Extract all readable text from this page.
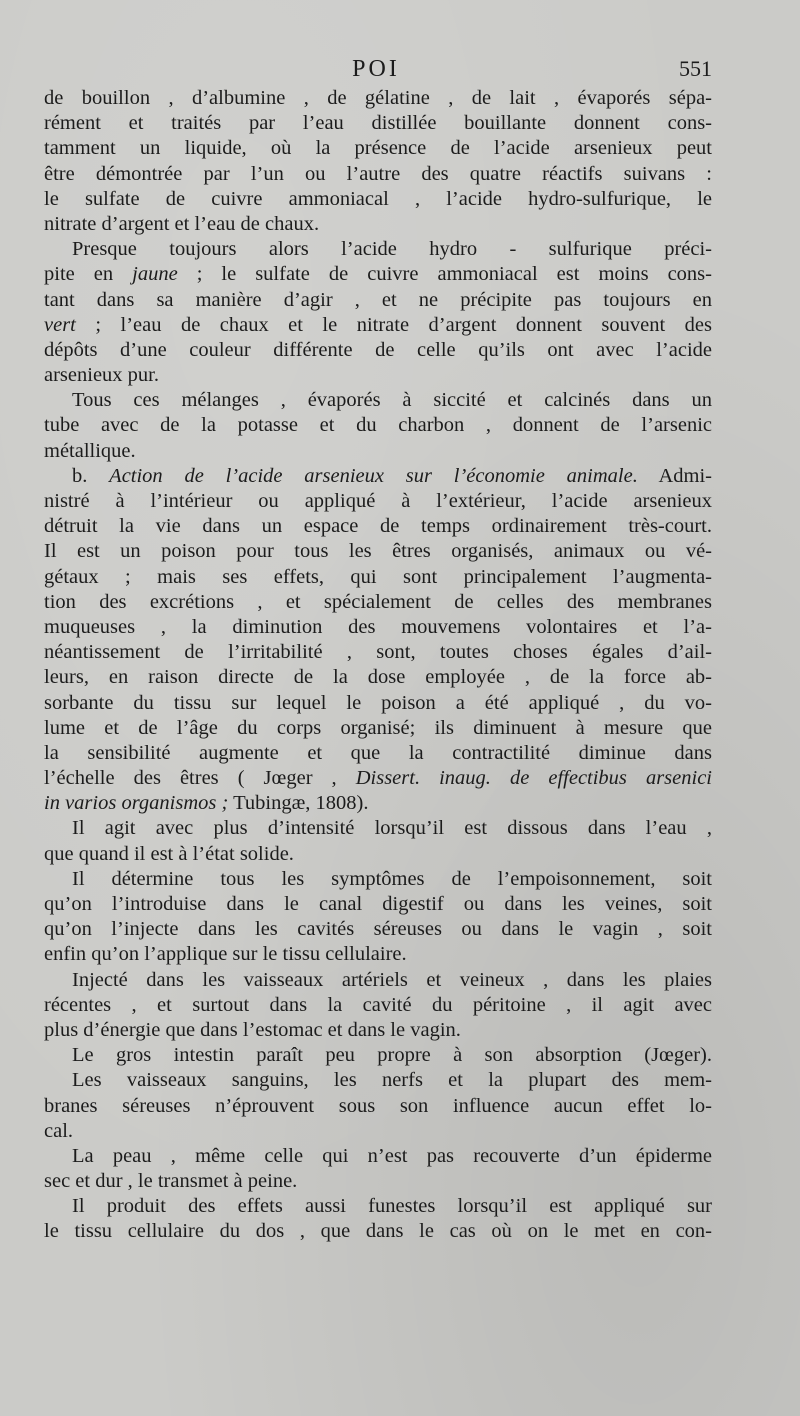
POI	551
de bouillon , d’albumine , de gélatine , de lait , évaporés sépa-
rément et traités par l’eau distillée bouillante donnent cons-
tamment un liquide, où la présence de l’acide arsenieux peut
être démontrée par l’un ou l’autre des quatre réactifs suivans :
le sulfate de cuivre ammoniacal , l’acide hydro-sulfurique, le
nitrate d’argent et l’eau de chaux.
Presque toujours alors l’acide hydro - sulfurique préci-
pite en jaune ; le sulfate de cuivre ammoniacal est moins cons-
tant dans sa manière d’agir , et ne précipite pas toujours en
vert ; l’eau de chaux et le nitrate d’argent donnent souvent des
dépôts d’une couleur différente de celle qu’ils ont avec l’acide
arsenieux pur.
Tous ces mélanges , évaporés à siccité et calcinés dans un
tube avec de la potasse et du charbon , donnent de l’arsenic
métallique.
b. Action de l’acide arsenieux sur l’économie animale. Admi-
nistré à l’intérieur ou appliqué à l’extérieur, l’acide arsenieux
détruit la vie dans un espace de temps ordinairement très-court.
Il est un poison pour tous les êtres organisés, animaux ou vé-
gétaux ; mais ses effets, qui sont principalement l’augmenta-
tion des excrétions , et spécialement de celles des membranes
muqueuses , la diminution des mouvemens volontaires et l’a-
néantissement de l’irritabilité , sont, toutes choses égales d’ail-
leurs, en raison directe de la dose employée , de la force ab-
sorbante du tissu sur lequel le poison a été appliqué , du vo-
lume et de l’âge du corps organisé; ils diminuent à mesure que
la sensibilité augmente et que la contractilité diminue dans
l’échelle des êtres ( Jœger , Dissert. inaug. de effectibus arsenici
in varios organismos ; Tubingæ, 1808).
Il agit avec plus d’intensité lorsqu’il est dissous dans l’eau ,
que quand il est à l’état solide.
Il détermine tous les symptômes de l’empoisonnement, soit
qu’on l’introduise dans le canal digestif ou dans les veines, soit
qu’on l’injecte dans les cavités séreuses ou dans le vagin , soit
enfin qu’on l’applique sur le tissu cellulaire.
Injecté dans les vaisseaux artériels et veineux , dans les plaies
récentes , et surtout dans la cavité du péritoine , il agit avec
plus d’énergie que dans l’estomac et dans le vagin.
Le gros intestin paraît peu propre à son absorption (Jœger).
Les vaisseaux sanguins, les nerfs et la plupart des mem-
branes séreuses n’éprouvent sous son influence aucun effet lo-
cal.
La peau , même celle qui n’est pas recouverte d’un épiderme
sec et dur , le transmet à peine.
Il produit des effets aussi funestes lorsqu’il est appliqué sur
le tissu cellulaire du dos , que dans le cas où on le met en con-
